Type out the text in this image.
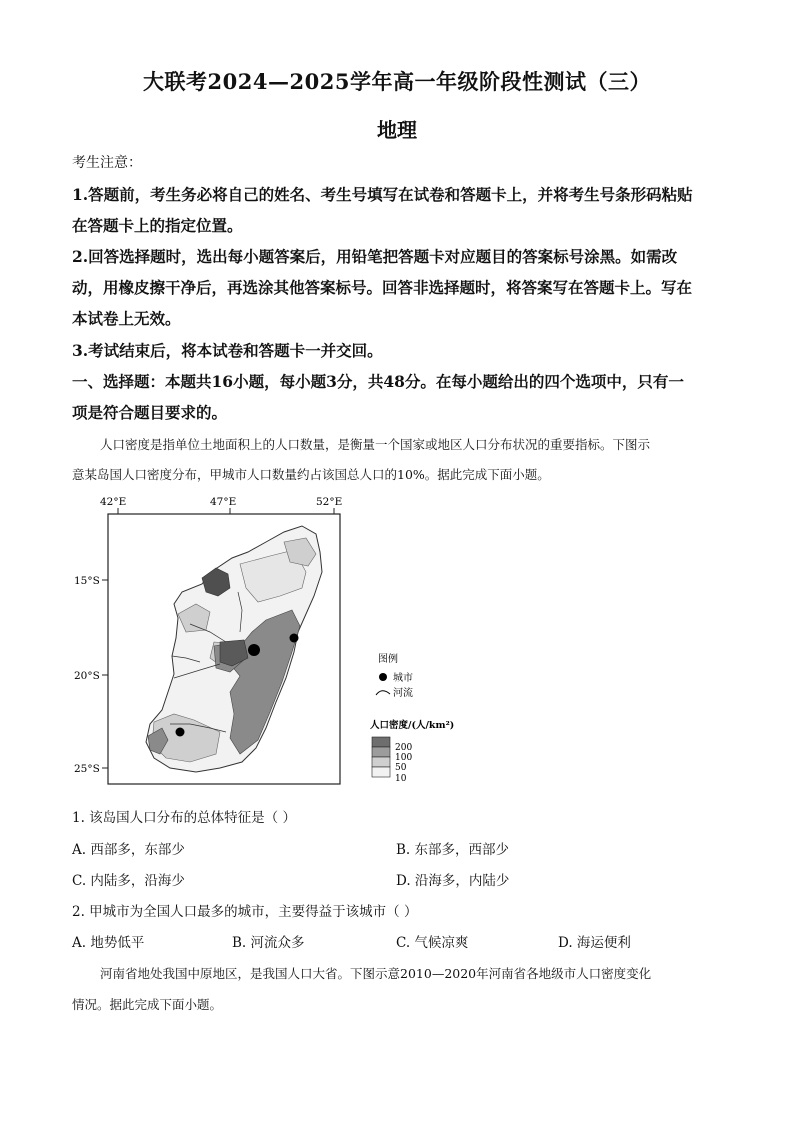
大联考2024—2025学年高一年级阶段性测试（三）
地理
考生注意：
1.答题前，考生务必将自己的姓名、考生号填写在试卷和答题卡上，并将考生号条形码粘贴
在答题卡上的指定位置。
2.回答选择题时，选出每小题答案后，用铅笔把答题卡对应题目的答案标号涂黑。如需改
动，用橡皮擦干净后，再选涂其他答案标号。回答非选择题时，将答案写在答题卡上。写在
本试卷上无效。
3.考试结束后，将本试卷和答题卡一并交回。
一、选择题：本题共16小题，每小题3分，共48分。在每小题给出的四个选项中，只有一
项是符合题目要求的。
人口密度是指单位土地面积上的人口数量，是衡量一个国家或地区人口分布状况的重要指标。下图示
意某岛国人口密度分布，甲城市人口数量约占该国总人口的10%。据此完成下面小题。
42°E	47°E	52°E
15°S
20°S
25°S
图例
城市
河流
人口密度/(人/km²)
200
100
50
10
1. 该岛国人口分布的总体特征是（ ）
A. 西部多，东部少	B. 东部多，西部少
C. 内陆多，沿海少	D. 沿海多，内陆少
2. 甲城市为全国人口最多的城市，主要得益于该城市（ ）
A. 地势低平	B. 河流众多	C. 气候凉爽	D. 海运便利
河南省地处我国中原地区，是我国人口大省。下图示意2010—2020年河南省各地级市人口密度变化
情况。据此完成下面小题。
